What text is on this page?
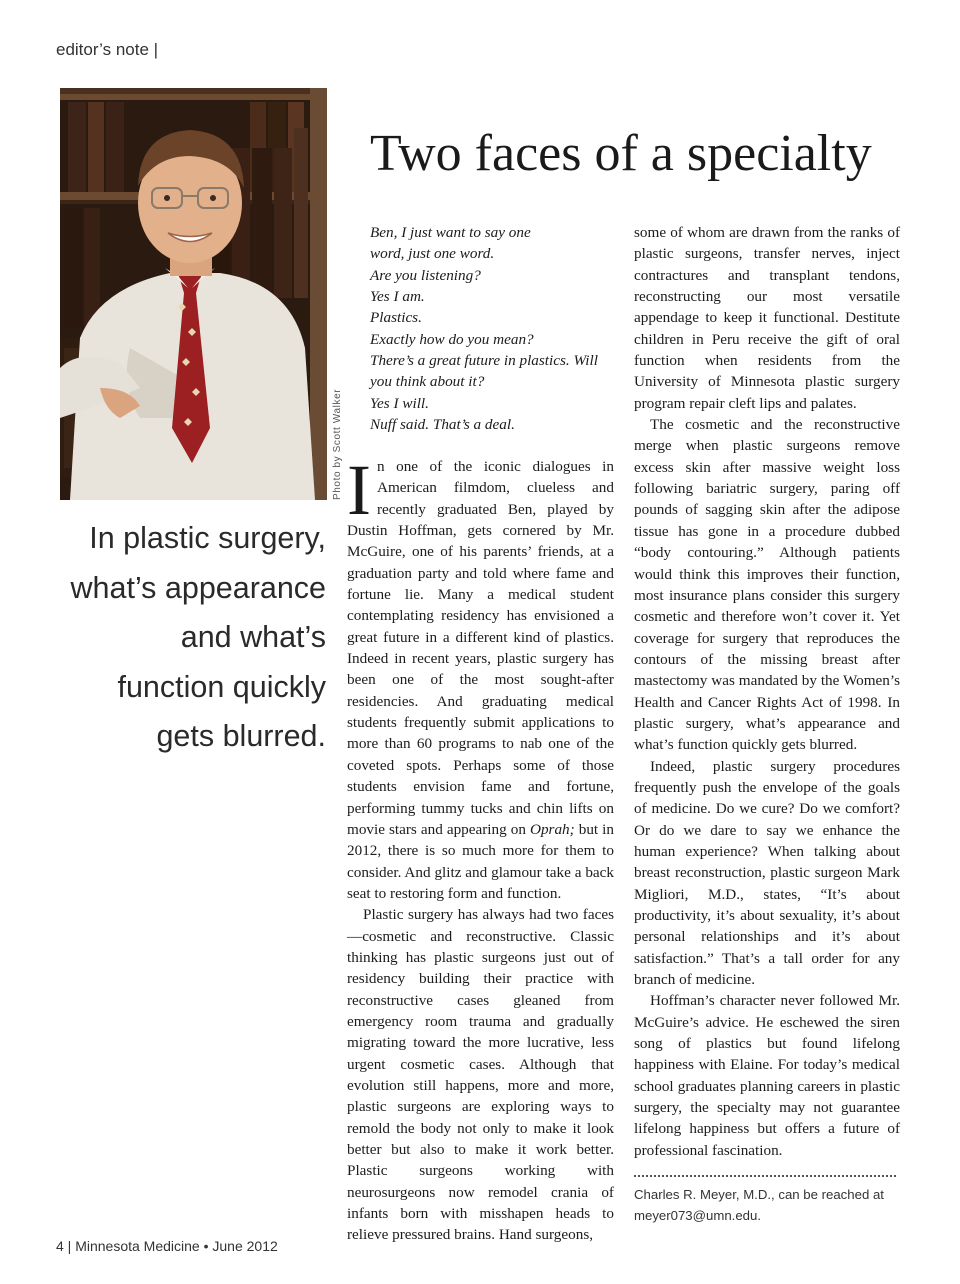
editor’s note |
Photo by Scott Walker
In plastic surgery,
what’s appearance
and what’s
function quickly
gets blurred.
Two faces of a specialty
Ben, I just want to say one
word, just one word.
Are you listening?
Yes I am.
Plastics.
Exactly how do you mean?
There’s a great future in plastics. Will
you think about it?
Yes I will.
Nuff said. That’s a deal.

In one of the iconic dialogues in American filmdom, clueless and recently graduated Ben, played by Dustin Hoffman, gets cornered by Mr. McGuire, one of his parents’ friends, at a graduation party and told where fame and fortune lie. Many a medical student contemplating residency has envisioned a great future in a different kind of plastics. Indeed in recent years, plastic surgery has been one of the most sought-after residencies. And graduating medical students frequently submit applications to more than 60 programs to nab one of the coveted spots. Perhaps some of those students envision fame and fortune, performing tummy tucks and chin lifts on movie stars and appearing on Oprah; but in 2012, there is so much more for them to consider. And glitz and glamour take a back seat to restoring form and function.

Plastic surgery has always had two faces—cosmetic and reconstructive. Classic thinking has plastic surgeons just out of residency building their practice with reconstructive cases gleaned from emergency room trauma and gradually migrating toward the more lucrative, less urgent cosmetic cases. Although that evolution still happens, more and more, plastic surgeons are exploring ways to remold the body not only to make it look better but also to make it work better. Plastic surgeons working with neurosurgeons now remodel crania of infants born with misshapen heads to relieve pressured brains. Hand surgeons,

some of whom are drawn from the ranks of plastic surgeons, transfer nerves, inject contractures and transplant tendons, reconstructing our most versatile appendage to keep it functional. Destitute children in Peru receive the gift of oral function when residents from the University of Minnesota plastic surgery program repair cleft lips and palates.

The cosmetic and the reconstructive merge when plastic surgeons remove excess skin after massive weight loss following bariatric surgery, paring off pounds of sagging skin after the adipose tissue has gone in a procedure dubbed “body contouring.” Although patients would think this improves their function, most insurance plans consider this surgery cosmetic and therefore won’t cover it. Yet coverage for surgery that reproduces the contours of the missing breast after mastectomy was mandated by the Women’s Health and Cancer Rights Act of 1998. In plastic surgery, what’s appearance and what’s function quickly gets blurred.

Indeed, plastic surgery procedures frequently push the envelope of the goals of medicine. Do we cure? Do we comfort? Or do we dare to say we enhance the human experience? When talking about breast reconstruction, plastic surgeon Mark Migliori, M.D., states, “It’s about productivity, it’s about sexuality, it’s about personal relationships and it’s about satisfaction.” That’s a tall order for any branch of medicine.

Hoffman’s character never followed Mr. McGuire’s advice. He eschewed the siren song of plastics but found lifelong happiness with Elaine. For today’s medical school graduates planning careers in plastic surgery, the specialty may not guarantee lifelong happiness but offers a future of professional fascination.

Charles R. Meyer, M.D., can be reached at meyer073@umn.edu.
4 | Minnesota Medicine • June 2012
